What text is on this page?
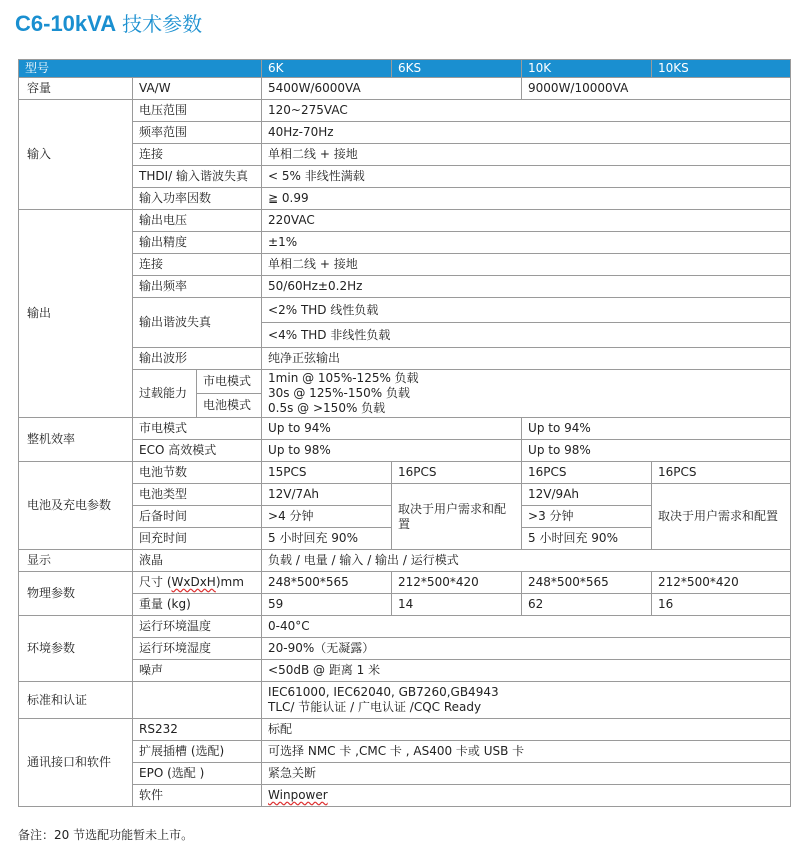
C6-10kVA 技术参数
型号			6K	6KS	10K	10KS
容量	VA/W		5400W/6000VA		9000W/10000VA	
输入	电压范围		120~275VAC			
	频率范围		40Hz-70Hz			
	连接		单相二线 + 接地			
	THDI/ 输入谐波失真		< 5% 非线性满载			
	输入功率因数		≧ 0.99			
输出	输出电压		220VAC			
	输出精度		±1%			
	连接		单相二线 + 接地			
	输出频率		50/60Hz±0.2Hz			
	输出谐波失真		<2% THD 线性负载			
			<4% THD 非线性负载			
	输出波形		纯净正弦输出			
	过载能力	市电模式	1min @ 105%-125% 负载
30s @ 125%-150% 负载
0.5s @ >150% 负载			

		电池模式				
整机效率	市电模式		Up to 94%		Up to 94%	
	ECO 高效模式		Up to 98%		Up to 98%	
电池及充电参数	电池节数		15PCS	16PCS	16PCS	16PCS
	电池类型		12V/7Ah	取决于用户需求和配置	12V/9Ah	取决于用户需求和配置
	后备时间		>4 分钟		>3 分钟	
	回充时间		5 小时回充 90%		5 小时回充 90%	
显示	液晶		负载 / 电量 / 输入 / 输出 / 运行模式			
物理参数	尺寸 (WxDxH)mm		248*500*565	212*500*420	248*500*565	212*500*420
	重量 (kg)		59	14	62	16
环境参数	运行环境温度		0-40°C			
	运行环境湿度		20-90%（无凝露）			
	噪声		<50dB @ 距离 1 米			
标准和认证			IEC61000, IEC62040, GB7260,GB4943
TLC/ 节能认证 / 广电认证 /CQC Ready			

通讯接口和软件	RS232		标配			
	扩展插槽 (选配)		可选择 NMC 卡 ,CMC 卡 , AS400 卡或 USB 卡			
	EPO (选配 )		紧急关断			
	软件		Winpower			
备注：20 节选配功能暂未上市。
